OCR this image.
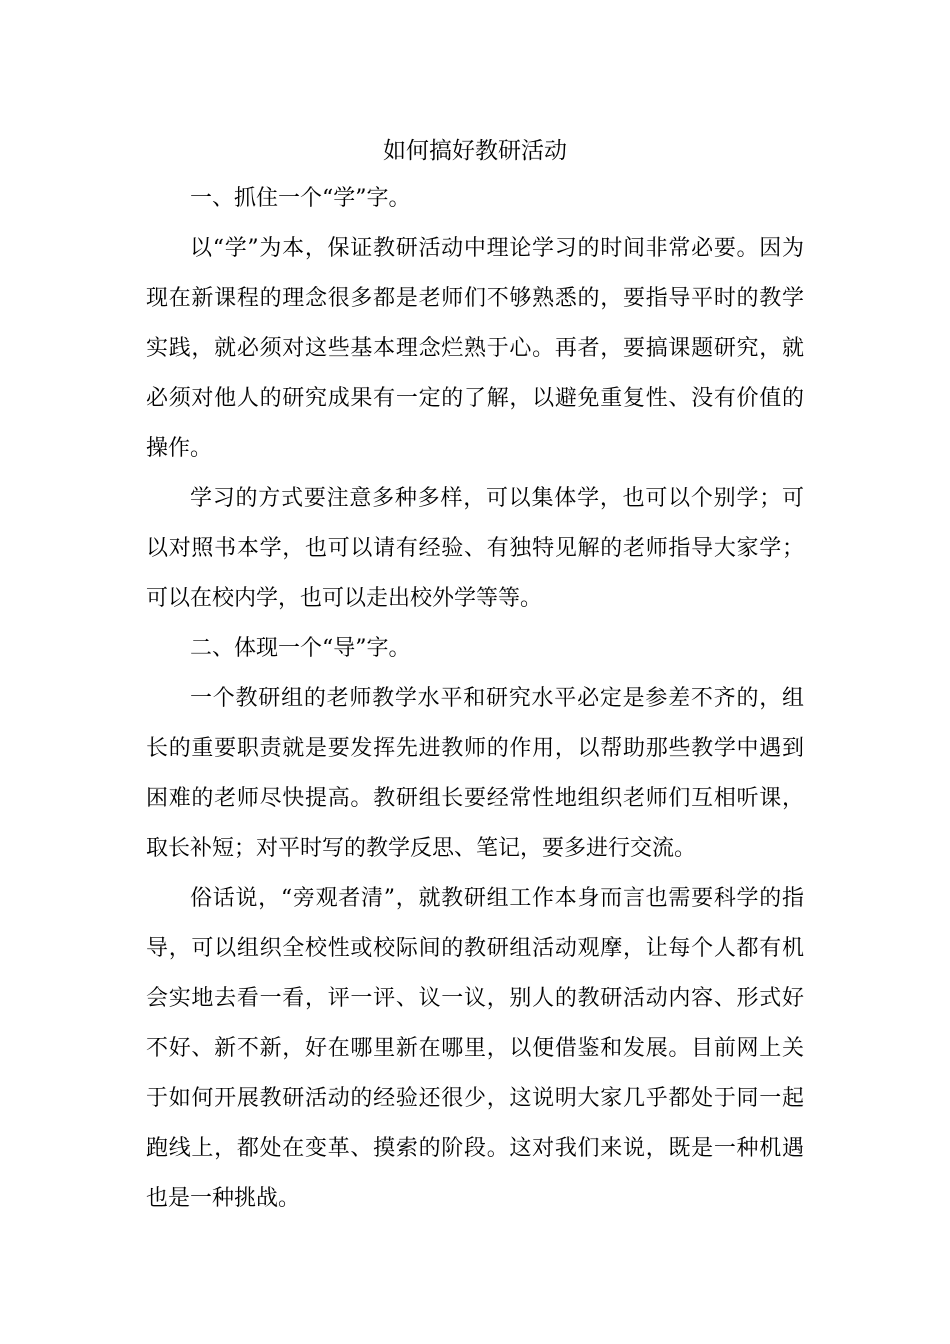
如何搞好教研活动

一、抓住一个“学”字。

以“学”为本，保证教研活动中理论学习的时间非常必要。因为现在新课程的理念很多都是老师们不够熟悉的，要指导平时的教学实践，就必须对这些基本理念烂熟于心。再者，要搞课题研究，就必须对他人的研究成果有一定的了解，以避免重复性、没有价值的操作。

学习的方式要注意多种多样，可以集体学，也可以个别学；可以对照书本学，也可以请有经验、有独特见解的老师指导大家学；可以在校内学，也可以走出校外学等等。

二、体现一个“导”字。

一个教研组的老师教学水平和研究水平必定是参差不齐的，组长的重要职责就是要发挥先进教师的作用，以帮助那些教学中遇到困难的老师尽快提高。教研组长要经常性地组织老师们互相听课，取长补短；对平时写的教学反思、笔记，要多进行交流。

俗话说，“旁观者清”，就教研组工作本身而言也需要科学的指导，可以组织全校性或校际间的教研组活动观摩，让每个人都有机会实地去看一看，评一评、议一议，别人的教研活动内容、形式好不好、新不新，好在哪里新在哪里，以便借鉴和发展。目前网上关于如何开展教研活动的经验还很少，这说明大家几乎都处于同一起跑线上，都处在变革、摸索的阶段。这对我们来说，既是一种机遇也是一种挑战。
